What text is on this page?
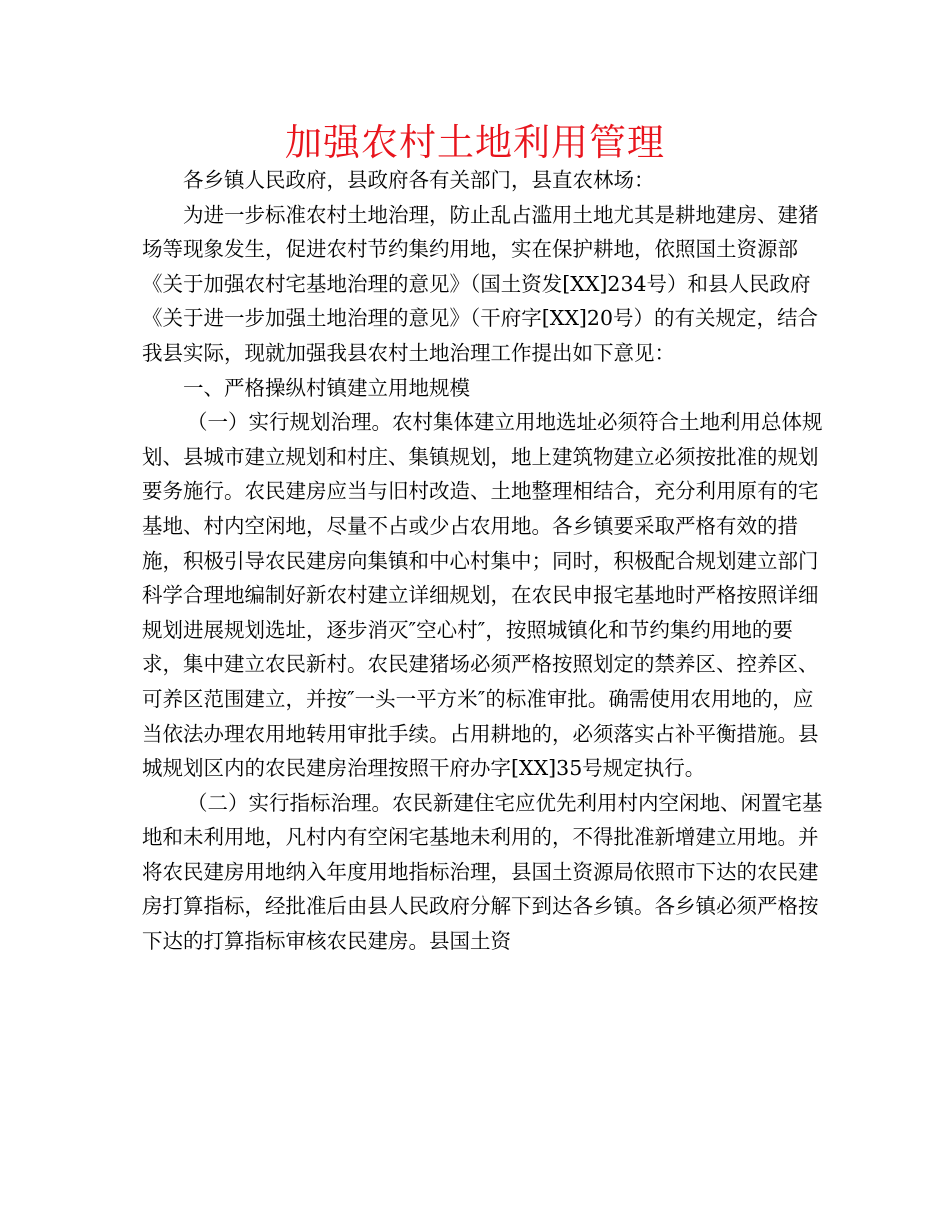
加强农村土地利用管理

各乡镇人民政府，县政府各有关部门，县直农林场：

为进一步标准农村土地治理，防止乱占滥用土地尤其是耕地建房、建猪场等现象发生，促进农村节约集约用地，实在保护耕地，依照国土资源部《关于加强农村宅基地治理的意见》（国土资发[XX]234号）和县人民政府《关于进一步加强土地治理的意见》（干府字[XX]20号）的有关规定，结合我县实际，现就加强我县农村土地治理工作提出如下意见：

一、严格操纵村镇建立用地规模

（一）实行规划治理。农村集体建立用地选址必须符合土地利用总体规划、县城市建立规划和村庄、集镇规划，地上建筑物建立必须按批准的规划要务施行。农民建房应当与旧村改造、土地整理相结合，充分利用原有的宅基地、村内空闲地，尽量不占或少占农用地。各乡镇要采取严格有效的措施，积极引导农民建房向集镇和中心村集中；同时，积极配合规划建立部门科学合理地编制好新农村建立详细规划，在农民申报宅基地时严格按照详细规划进展规划选址，逐步消灭″空心村″，按照城镇化和节约集约用地的要求，集中建立农民新村。农民建猪场必须严格按照划定的禁养区、控养区、可养区范围建立，并按″一头一平方米″的标准审批。确需使用农用地的，应当依法办理农用地转用审批手续。占用耕地的，必须落实占补平衡措施。县城规划区内的农民建房治理按照干府办字[XX]35号规定执行。

（二）实行指标治理。农民新建住宅应优先利用村内空闲地、闲置宅基地和未利用地，凡村内有空闲宅基地未利用的，不得批准新增建立用地。并将农民建房用地纳入年度用地指标治理，县国土资源局依照市下达的农民建房打算指标，经批准后由县人民政府分解下到达各乡镇。各乡镇必须严格按下达的打算指标审核农民建房。县国土资
